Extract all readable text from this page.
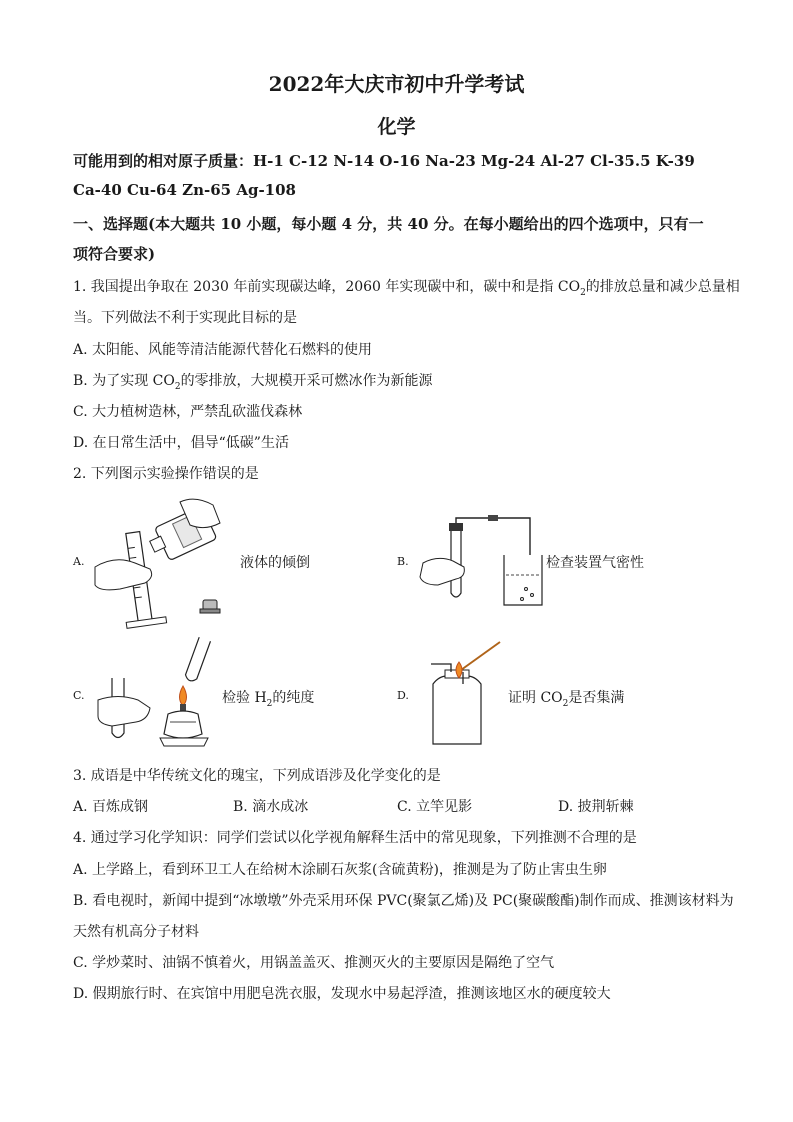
2022年大庆市初中升学考试
化学
可能用到的相对原子质量：H-1 C-12 N-14 O-16 Na-23 Mg-24 Al-27 Cl-35.5 K-39
Ca-40 Cu-64 Zn-65 Ag-108
一、选择题(本大题共 10 小题，每小题 4 分，共 40 分。在每小题给出的四个选项中，只有一
项符合要求)
1. 我国提出争取在 2030 年前实现碳达峰，2060 年实现碳中和，碳中和是指 $CO_2$的排放总量和减少总量相
当。下列做法不利于实现此目标的是
A. 太阳能、风能等清洁能源代替化石燃料的使用
B. 为了实现 $CO_2$的零排放，大规模开采可燃冰作为新能源
C. 大力植树造林，严禁乱砍滥伐森林
D. 在日常生活中，倡导“低碳”生活
2. 下列图示实验操作错误的是
A.	液体的倾倒	B.	检查装置气密性
C.	检验 $H_2$的纯度	D.	证明 $CO_2$是否集满
3. 成语是中华传统文化的瑰宝，下列成语涉及化学变化的是
A. 百炼成钢	B. 滴水成冰	C. 立竿见影	D. 披荆斩棘
4. 通过学习化学知识：同学们尝试以化学视角解释生活中的常见现象，下列推测不合理的是
A. 上学路上，看到环卫工人在给树木涂刷石灰浆(含硫黄粉)，推测是为了防止害虫生卵
B. 看电视时，新闻中提到“冰墩墩”外壳采用环保 PVC(聚氯乙烯)及 PC(聚碳酸酯)制作而成、推测该材料为
天然有机高分子材料
C. 学炒菜时、油锅不慎着火，用锅盖盖灭、推测灭火的主要原因是隔绝了空气
D. 假期旅行时、在宾馆中用肥皂洗衣服，发现水中易起浮渣，推测该地区水的硬度较大
